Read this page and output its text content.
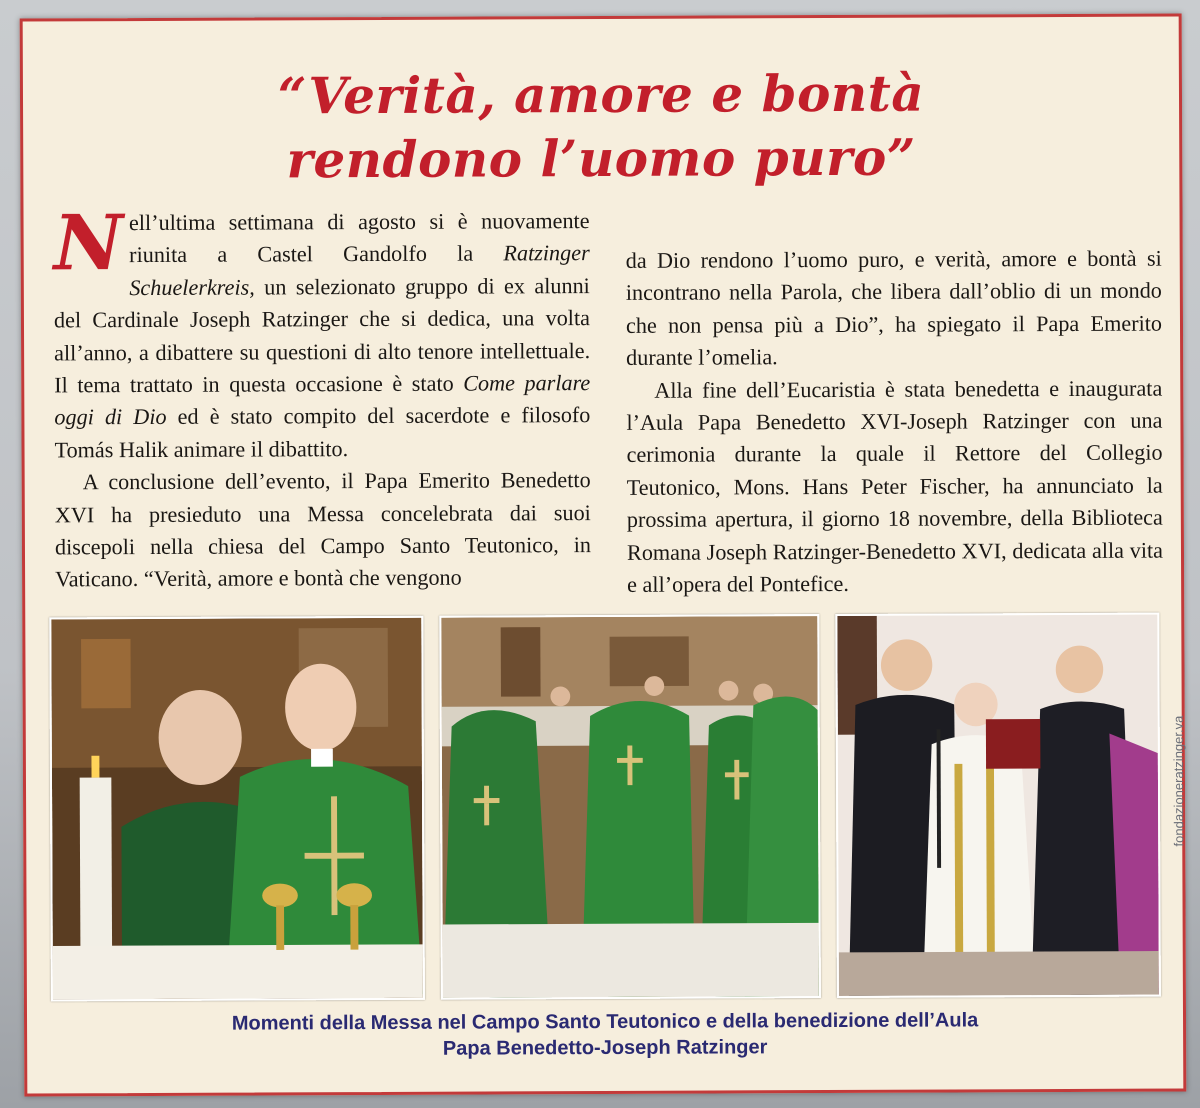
“Verità, amore e bontà
rendono l’uomo puro”

Nell’ultima settimana di agosto si è nuovamente riunita a Castel Gandolfo la Ratzinger Schuelerkreis, un selezionato gruppo di ex alunni del Cardinale Joseph Ratzinger che si dedica, una volta all’anno, a dibattere su questioni di alto tenore intellettuale. Il tema trattato in questa occasione è stato Come parlare oggi di Dio ed è stato compito del sacerdote e filosofo Tomás Halik animare il dibattito.

A conclusione dell’evento, il Papa Emerito Benedetto XVI ha presieduto una Messa concelebrata dai suoi discepoli nella chiesa del Campo Santo Teutonico, in Vaticano. “Verità, amore e bontà che vengono

da Dio rendono l’uomo puro, e verità, amore e bontà si incontrano nella Parola, che libera dall’oblio di un mondo che non pensa più a Dio”, ha spiegato il Papa Emerito durante l’omelia.

Alla fine dell’Eucaristia è stata benedetta e inaugurata l’Aula Papa Benedetto XVI-Joseph Ratzinger con una cerimonia durante la quale il Rettore del Collegio Teutonico, Mons. Hans Peter Fischer, ha annunciato la prossima apertura, il giorno 18 novembre, della Biblioteca Romana Joseph Ratzinger-Benedetto XVI, dedicata alla vita e all’opera del Pontefice.

fondazioneratzinger.va
Momenti della Messa nel Campo Santo Teutonico e della benedizione dell’Aula
Papa Benedetto-Joseph Ratzinger
